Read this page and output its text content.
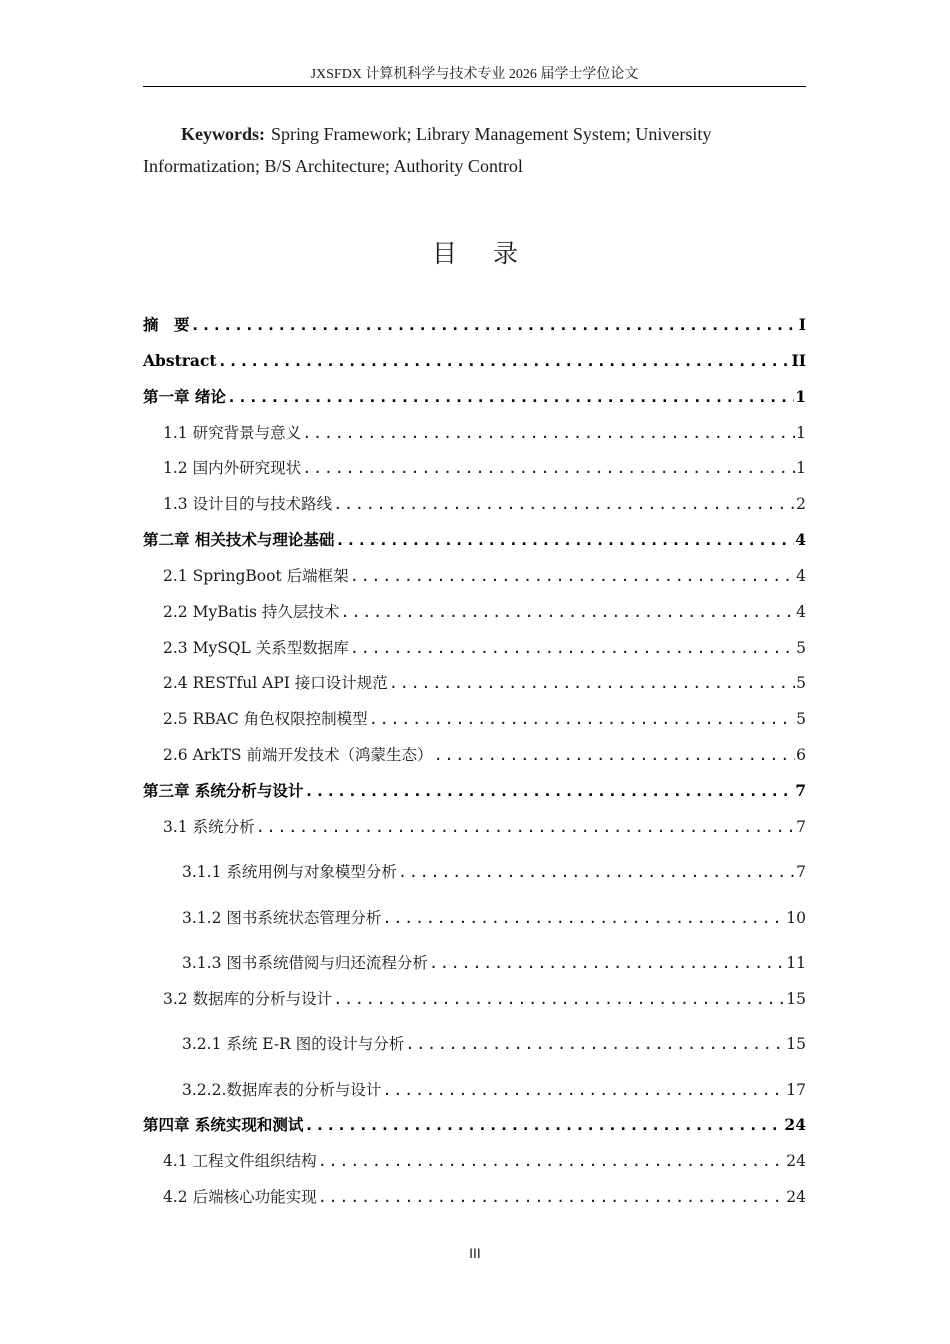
JXSFDX 计算机科学与技术专业 2026 届学士学位论文
Keywords: Spring Framework; Library Management System; University Informatization; B/S Architecture; Authority Control
目录
摘　要 .....	I
Abstract .....	II
第一章 绪论 .....	1
1.1 研究背景与意义 .....	1
1.2 国内外研究现状 .....	1
1.3 设计目的与技术路线 .....	2
第二章 相关技术与理论基础 .....	4
2.1 SpringBoot 后端框架 .....	4
2.2 MyBatis 持久层技术 .....	4
2.3 MySQL 关系型数据库 .....	5
2.4 RESTful API 接口设计规范 .....	5
2.5 RBAC 角色权限控制模型 .....	5
2.6 ArkTS 前端开发技术（鸿蒙生态） .....	6
第三章 系统分析与设计 .....	7
3.1 系统分析 .....	7
3.1.1 系统用例与对象模型分析 .....	7
3.1.2 图书系统状态管理分析 .....	10
3.1.3 图书系统借阅与归还流程分析 .....	11
3.2 数据库的分析与设计 .....	15
3.2.1 系统 E-R 图的设计与分析 .....	15
3.2.2.数据库表的分析与设计 .....	17
第四章 系统实现和测试 .....	24
4.1 工程文件组织结构 .....	24
4.2 后端核心功能实现 .....	24
III
